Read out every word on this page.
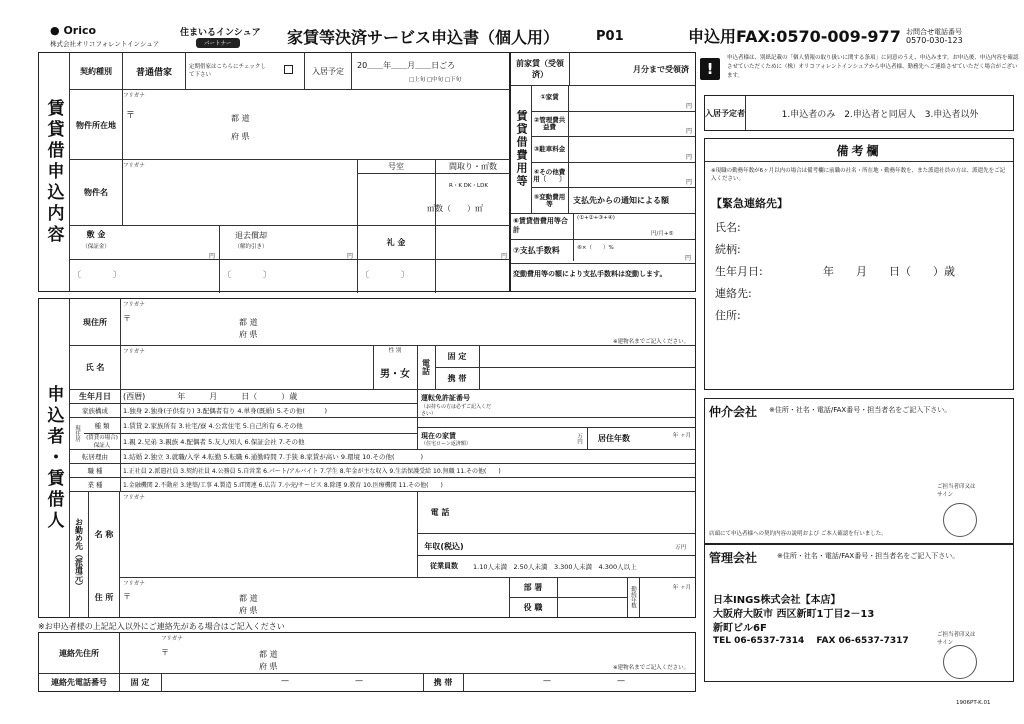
● Orico
株式会社オリコフォレントインシュア
住まいるインシュア
パートナー	家賃等決済サービス申込書（個人用）	P01	申込用FAX:0570-009-977 お問合せ電話番号
0570-030-123
!
申込者様は、別紙記載の「個人情報の取り扱いに関する条項」に同意のうえ、申込みます。お申込後、申込内容を確認させていただくために（株）オリコフォレントインシュアから申込者様、勤務先へご連絡させていただく場合がございます。
賃貸借申込内容
契約種別	普通借家
定期借家はこちらにチェックして下さい	入居予定
20＿＿年＿＿月＿＿日ごろ
□上旬 □中旬 □下旬
フリガナ
物件所在地
〒	都 道
府 県
フリガナ
物件名
号室	間取り・㎡数
R・K DK・LDK
㎡数（　　）㎡
敷 金
（保証金）
円
退去償却
（解約引き）
円
礼 金
円
〔　　　　〕	〔　　　　〕	〔　　　　〕
前家賃（受領済）
月分まで受領済
賃貸借費用等
①家賃
円
②管理費共益費
円
③駐車料金
円
④その他費用〔　　〕
円
⑤変動費用等	支払先からの通知による額
⑥賃貸借費用等合計
(①+②+③+④)
円/月+⑤
⑦支払手数料	⑥×（　　）%
円
変動費用等の額により支払手数料は変動します。
入居予定者	1.申込者のみ　2.申込者と同居人　3.申込者以外
備考欄
※現職の勤務年数が6ヶ月以内の場合は備考欄に前職の社名・所在地・勤務年数を、また派遣社員の方は、派遣先をご記入ください。
【緊急連絡先】
氏名:
続柄:
生年月日:	年　　月　　日（　　）歳
連絡先:
住所:
仲介会社 ※住所・社名・電話/FAX番号・担当者名をご記入下さい。
ご担当者印又はサイン
店頭にて申込者様への契約内容の説明および ご本人確認を行いました。
管理会社	※住所・社名・電話/FAX番号・担当者名をご記入下さい。
日本INGS株式会社【本店】
大阪府大阪市 西区新町1丁目2－13
新町ビル6F
TEL 06-6537-7314　 FAX 06-6537-7317
ご担当者印又はサイン
申込者・賃借人
フリガナ
現住所	〒	都 道
府 県
※建物名までご記入ください。
フリガナ
氏 名
性 別
男・女	電話
固 定
携 帯
生年月日	(西暦)　　　　年　　　月　　　日（　　　）歳	運転免許証番号
（お持ちの方は必ずご記入ください）
家族構成	1.独身 2.独身(子供有り) 3.配偶者有り 4.単身(既婚) 5.その他(　　　)
現住居	種 類	1.賃貸 2.家族所有 3.社宅/寮 4.公営住宅 5.自己所有 6.その他
(賃貸の場合)保証人	1.親 2.兄弟 3.親族 4.配偶者 5.友人/知人 6.保証会社 7.その他
現在の家賃
（住宅ローン返済額）	万円	居住年数	年 ヶ月
転居理由	1.結婚 2.独立 3.就職/入学 4.転勤 5.転職 6.通勤時間 7.手狭 8.家賃が高い 9.環境 10.その他(　　　　)
職 種	1.正社員 2.派遣社員 3.契約社員 4.公務員 5.自営業 6.パート/アルバイト 7.学生 8.年金が主な収入 9.生活保護受給 10.無職 11.その他(　　)
業 種	1.金融機関 2.不動産 3.建築/工事 4.製造 5.IT関連 6.広告 7.小売/サービス 8.除運 9.教育 10.医療機関 11.その他(　　)
お勤め先（派遣元）
フリガナ
名 称
電 話
年収(税込)	万円
従業員数	1.10人未満　2.50人未満　3.300人未満　4.300人以上
フリガナ
住 所	〒	都 道
府 県
部 署
役 職	勤続年数	年 ヶ月
※お申込者様の上記記入以外にご連絡先がある場合はご記入ください
フリガナ
連絡先住所	〒	都 道
府 県	※建物名までご記入ください。
連絡先電話番号	固 定	—	—	携 帯	—	—
1906PT-K.01
